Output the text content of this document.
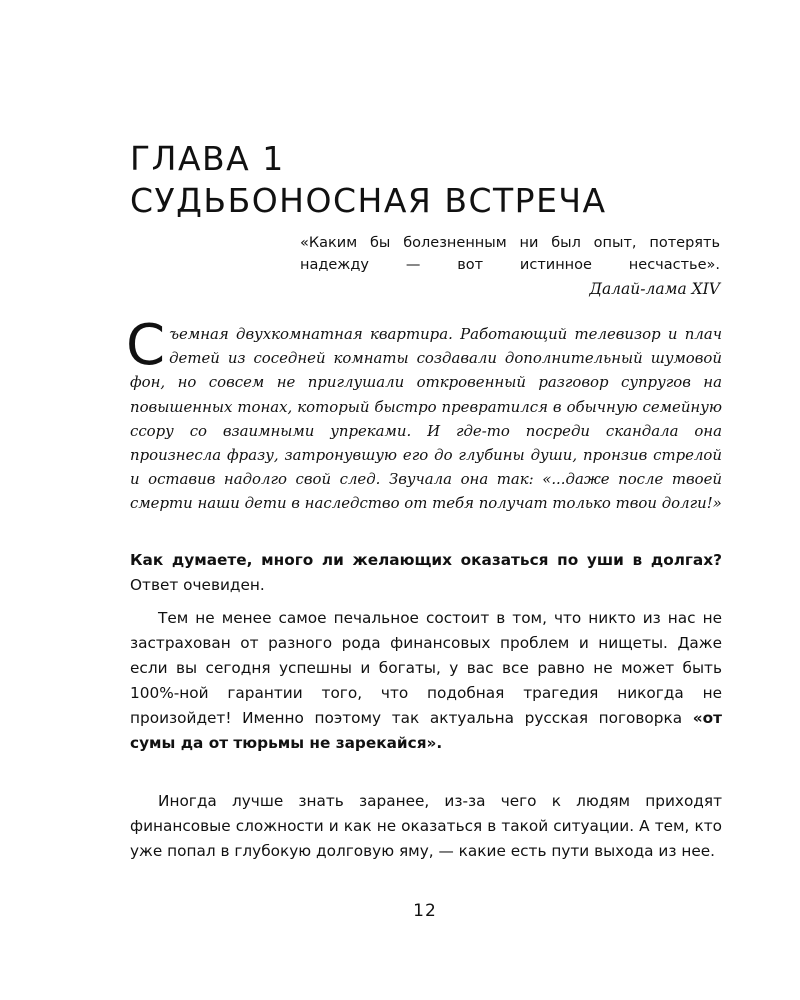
ГЛАВА 1
СУДЬБОНОСНАЯ ВСТРЕЧА

«Каким бы болезненным ни был опыт, потерять надежду — вот истинное несчастье».

Далай-лама XIV

Съемная двухкомнатная квартира. Работающий телевизор и плач детей из соседней комнаты создавали дополнительный шумовой фон, но совсем не приглушали откровенный разговор супругов на повышенных тонах, который быстро превратился в обычную семейную ссору со взаимными упреками. И где-то посреди скандала она произнесла фразу, затронувшую его до глубины души, пронзив стрелой и оставив надолго свой след. Звучала она так: «...даже после твоей смерти наши дети в наследство от тебя получат только твои долги!»

Как думаете, много ли желающих оказаться по уши в долгах? Ответ очевиден.

Тем не менее самое печальное состоит в том, что никто из нас не застрахован от разного рода финансовых проблем и нищеты. Даже если вы сегодня успешны и богаты, у вас все равно не может быть 100%-ной гарантии того, что подобная трагедия никогда не произойдет! Именно поэтому так актуальна русская поговорка «от сумы да от тюрьмы не зарекайся».

Иногда лучше знать заранее, из-за чего к людям приходят финансовые сложности и как не оказаться в такой ситуации. А тем, кто уже попал в глубокую долговую яму, — какие есть пути выхода из нее.

12
